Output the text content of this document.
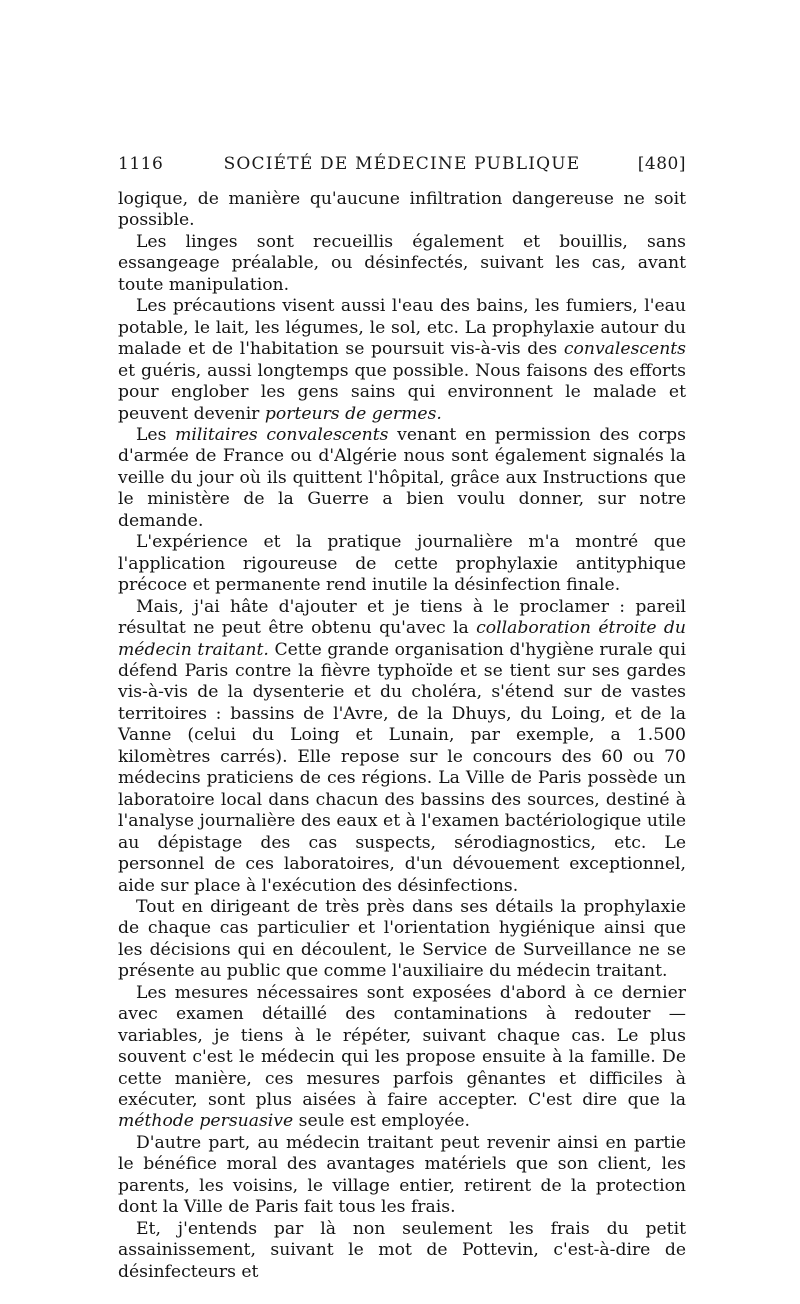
1116	SOCIÉTÉ DE MÉDECINE PUBLIQUE	[480]

logique, de manière qu'aucune infiltration dangereuse ne soit possible.

Les linges sont recueillis également et bouillis, sans essangeage préalable, ou désinfectés, suivant les cas, avant toute manipulation.

Les précautions visent aussi l'eau des bains, les fumiers, l'eau potable, le lait, les légumes, le sol, etc. La prophylaxie autour du malade et de l'habitation se poursuit vis-à-vis des convalescents et guéris, aussi longtemps que possible. Nous faisons des efforts pour englober les gens sains qui environnent le malade et peuvent devenir porteurs de germes.

Les militaires convalescents venant en permission des corps d'armée de France ou d'Algérie nous sont également signalés la veille du jour où ils quittent l'hôpital, grâce aux Instructions que le ministère de la Guerre a bien voulu donner, sur notre demande.

L'expérience et la pratique journalière m'a montré que l'application rigoureuse de cette prophylaxie antityphique précoce et permanente rend inutile la désinfection finale.

Mais, j'ai hâte d'ajouter et je tiens à le proclamer : pareil résultat ne peut être obtenu qu'avec la collaboration étroite du médecin traitant. Cette grande organisation d'hygiène rurale qui défend Paris contre la fièvre typhoïde et se tient sur ses gardes vis-à-vis de la dysenterie et du choléra, s'étend sur de vastes territoires : bassins de l'Avre, de la Dhuys, du Loing, et de la Vanne (celui du Loing et Lunain, par exemple, a 1.500 kilomètres carrés). Elle repose sur le concours des 60 ou 70 médecins praticiens de ces régions. La Ville de Paris possède un laboratoire local dans chacun des bassins des sources, destiné à l'analyse journalière des eaux et à l'examen bactériologique utile au dépistage des cas suspects, sérodiagnostics, etc. Le personnel de ces laboratoires, d'un dévouement exceptionnel, aide sur place à l'exécution des désinfections.

Tout en dirigeant de très près dans ses détails la prophylaxie de chaque cas particulier et l'orientation hygiénique ainsi que les décisions qui en découlent, le Service de Surveillance ne se présente au public que comme l'auxiliaire du médecin traitant.

Les mesures nécessaires sont exposées d'abord à ce dernier avec examen détaillé des contaminations à redouter — variables, je tiens à le répéter, suivant chaque cas. Le plus souvent c'est le médecin qui les propose ensuite à la famille. De cette manière, ces mesures parfois gênantes et difficiles à exécuter, sont plus aisées à faire accepter. C'est dire que la méthode persuasive seule est employée.

D'autre part, au médecin traitant peut revenir ainsi en partie le bénéfice moral des avantages matériels que son client, les parents, les voisins, le village entier, retirent de la protection dont la Ville de Paris fait tous les frais.

Et, j'entends par là non seulement les frais du petit assainissement, suivant le mot de Pottevin, c'est-à-dire de désinfecteurs et
